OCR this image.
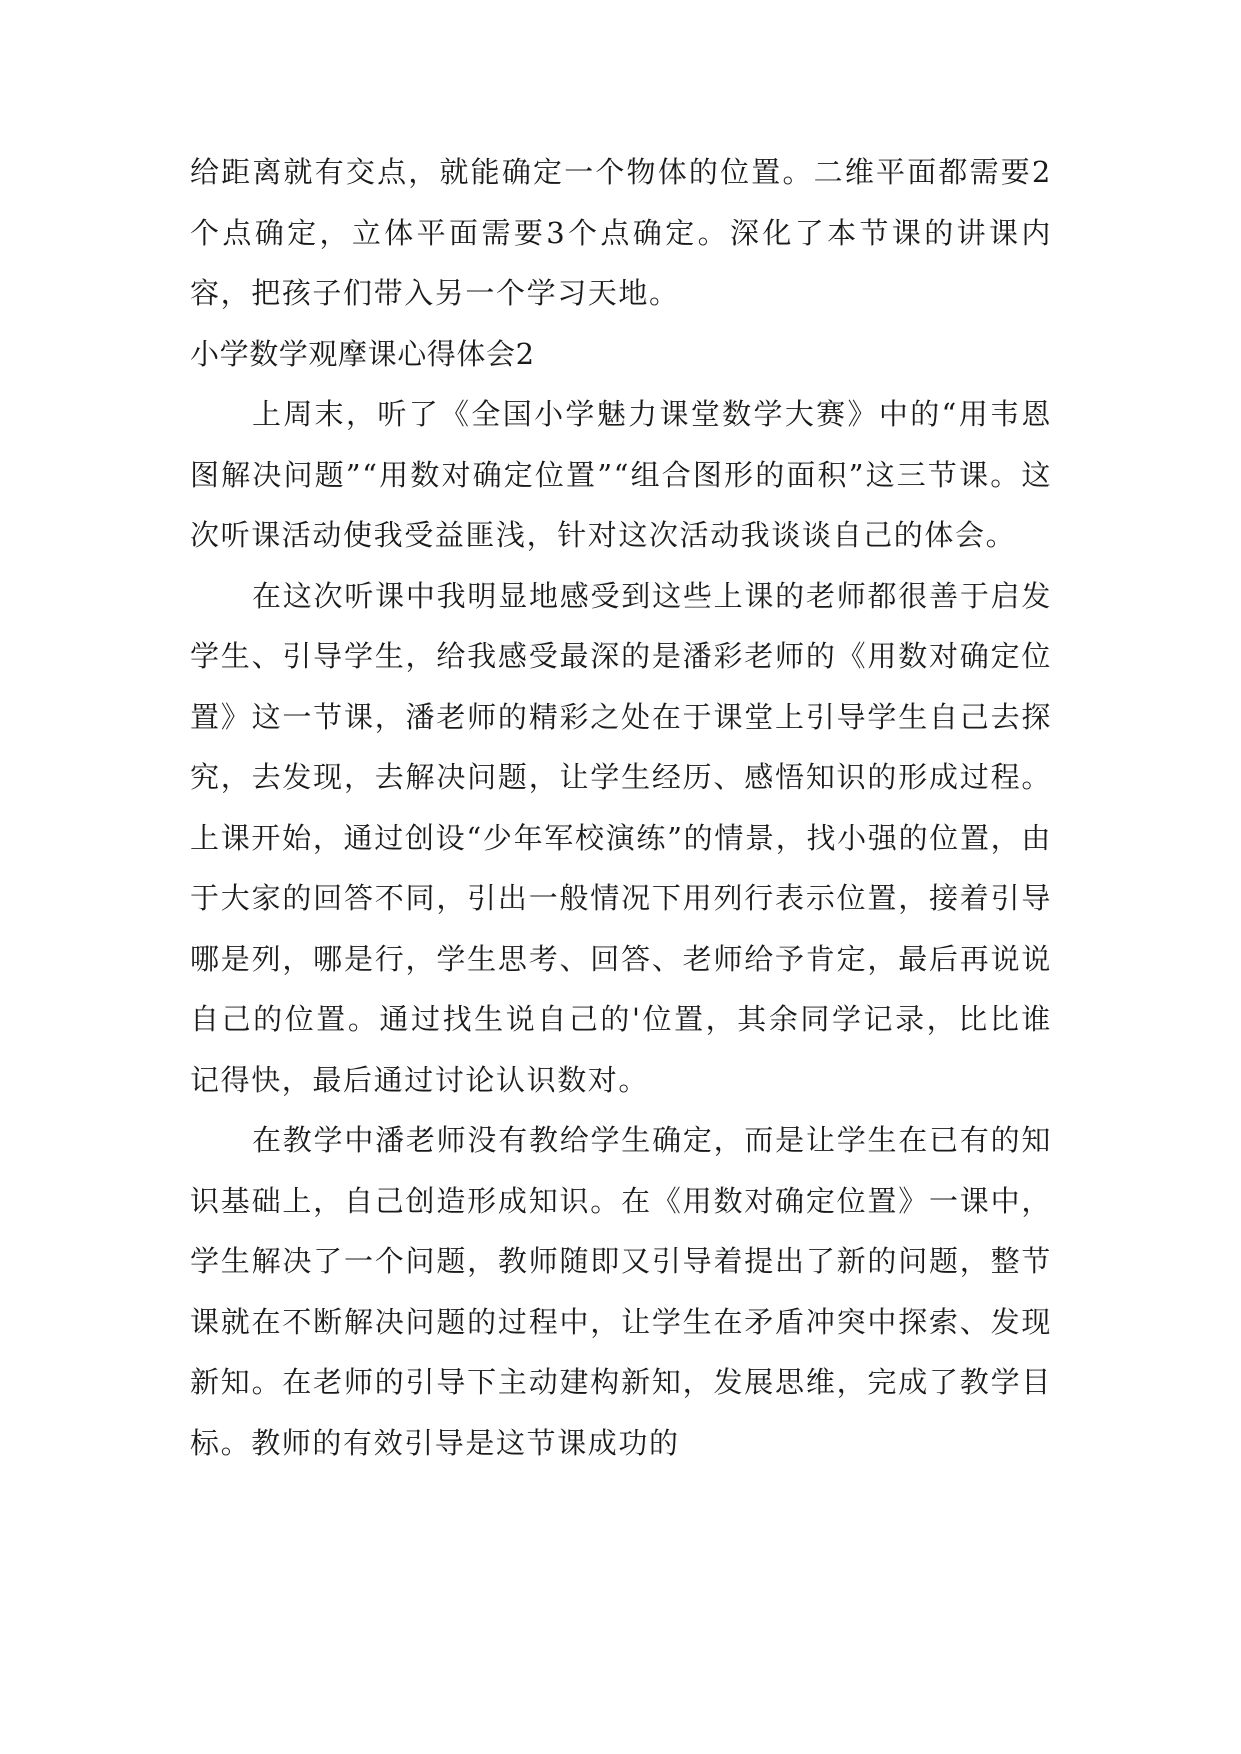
给距离就有交点，就能确定一个物体的位置。二维平面都需要2个点确定，立体平面需要3个点确定。深化了本节课的讲课内容，把孩子们带入另一个学习天地。

小学数学观摩课心得体会2

上周末，听了《全国小学魅力课堂数学大赛》中的“用韦恩图解决问题”“用数对确定位置”“组合图形的面积”这三节课。这次听课活动使我受益匪浅，针对这次活动我谈谈自己的体会。

在这次听课中我明显地感受到这些上课的老师都很善于启发学生、引导学生，给我感受最深的是潘彩老师的《用数对确定位置》这一节课，潘老师的精彩之处在于课堂上引导学生自己去探究，去发现，去解决问题，让学生经历、感悟知识的形成过程。上课开始，通过创设“少年军校演练”的情景，找小强的位置，由于大家的回答不同，引出一般情况下用列行表示位置，接着引导哪是列，哪是行，学生思考、回答、老师给予肯定，最后再说说自己的位置。通过找生说自己的'位置，其余同学记录，比比谁记得快，最后通过讨论认识数对。

在教学中潘老师没有教给学生确定，而是让学生在已有的知识基础上，自己创造形成知识。在《用数对确定位置》一课中，学生解决了一个问题，教师随即又引导着提出了新的问题，整节课就在不断解决问题的过程中，让学生在矛盾冲突中探索、发现新知。在老师的引导下主动建构新知，发展思维，完成了教学目标。教师的有效引导是这节课成功的
